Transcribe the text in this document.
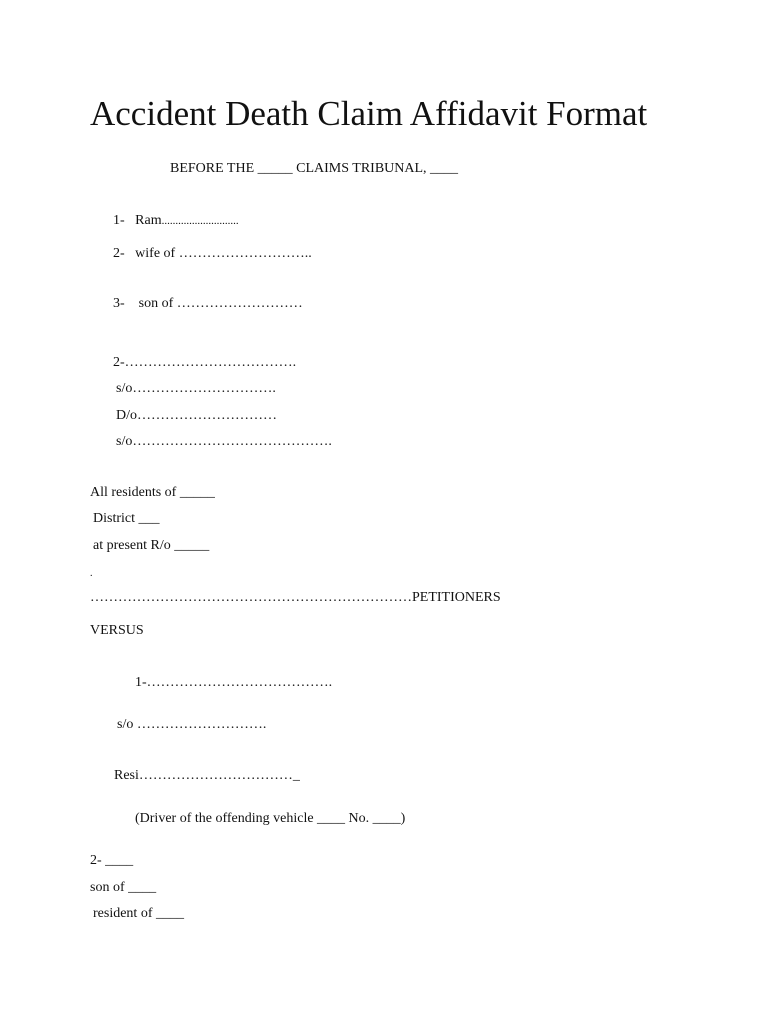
Accident Death Claim Affidavit Format
BEFORE THE _____ CLAIMS TRIBUNAL, ____
1- Ram............................
2-   wife of ………………………..
3-    son of ………………………
2-……………………………….
s/o………………………….
D/o…………………………
s/o…………………………………….
All residents of _____
District ___
at present R/o _____
.
……………………………………………………………PETITIONERS
VERSUS
1-………………………………….
s/o ……………………….
Resi……………………………_
(Driver of the offending vehicle ____ No. ____)
2- ____
son of ____
resident of ____
